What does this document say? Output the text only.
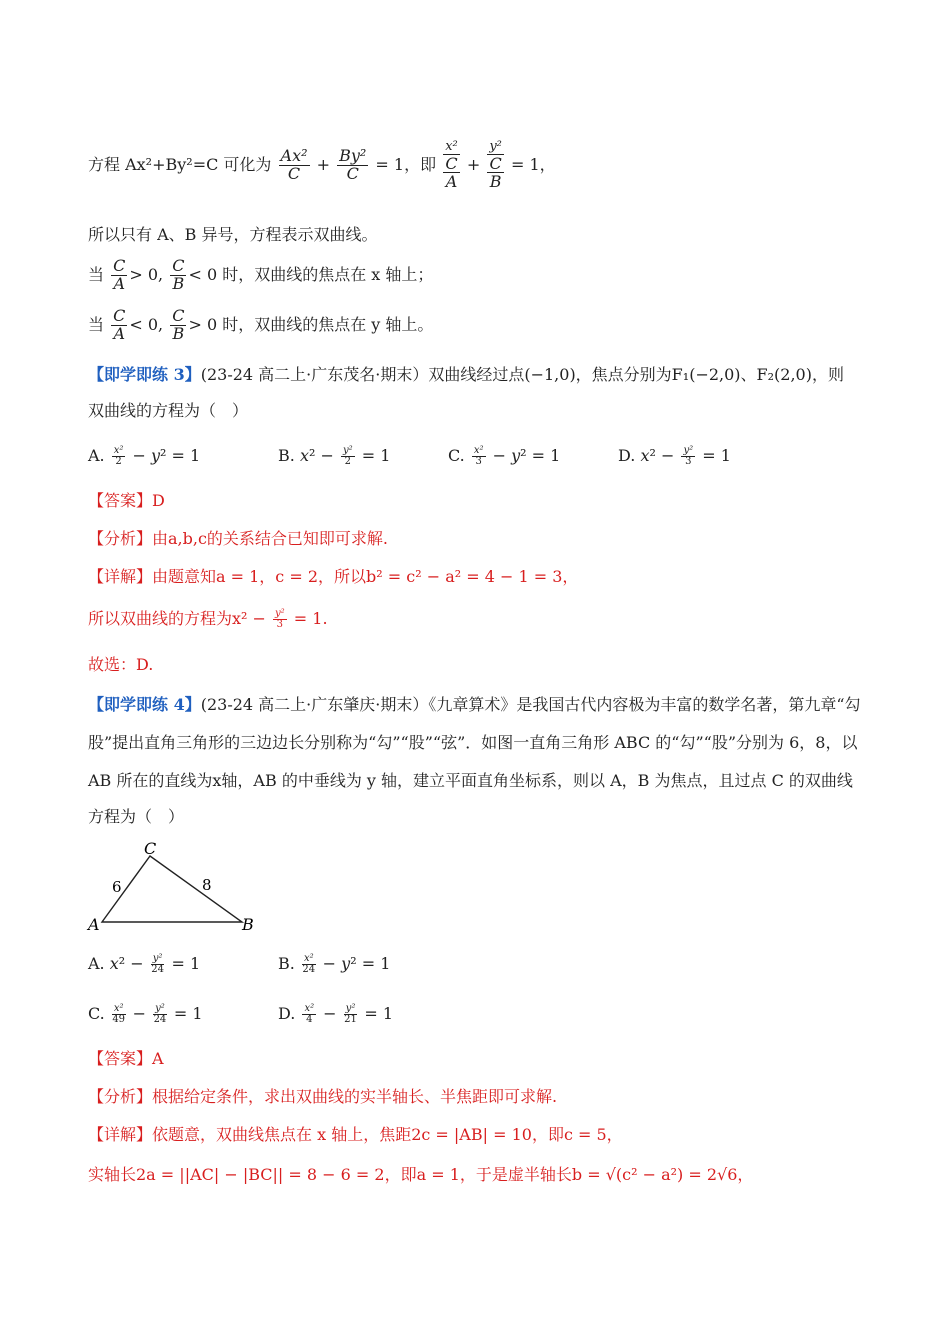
方程 Ax²+By²=C 可化为 $\frac{\text{Ax²}}{C} + \frac{\text{By²}}{C} = 1$，即 $\frac{\text{x²}}{\frac{C}{A}} + \frac{\text{y²}}{\frac{C}{B}} = 1$，
所以只有 A、B 异号，方程表示双曲线。
当 $\frac{C}{A} > 0$, $\frac{C}{B} < 0$ 时，双曲线的焦点在 x 轴上；
当 $\frac{C}{A} < 0$, $\frac{C}{B} > 0$ 时，双曲线的焦点在 y 轴上。
【即学即练 3】(23-24 高二上·广东茂名·期末）双曲线经过点(−1,0)，焦点分别为F₁(−2,0)、F₂(2,0)，则
双曲线的方程为（　）
A. $\frac{\text{x²}}{2} - y^2 = 1$	B. $x^2 - \frac{\text{y²}}{2} = 1$	C. $\frac{\text{x²}}{3} - y^2 = 1$	D. $x^2 - \frac{\text{y²}}{3} = 1$
【答案】D
【分析】由a,b,c的关系结合已知即可求解.
【详解】由题意知a = 1，c = 2，所以b² = c² − a² = 4 − 1 = 3，
所以双曲线的方程为$x^2 - \frac{\text{y²}}{3} = 1$.
故选：D.
【即学即练 4】(23-24 高二上·广东肇庆·期末）《九章算术》是我国古代内容极为丰富的数学名著，第九章“勾
股”提出直角三角形的三边边长分别称为“勾”“股”“弦”．如图一直角三角形 ABC 的“勾”“股”分别为 6，8，以
AB 所在的直线为x轴，AB 的中垂线为 y 轴，建立平面直角坐标系，则以 A，B 为焦点，且过点 C 的双曲线
方程为（　）
A	B
C
6	8
A. $x^2 - \frac{\text{y²}}{24} = 1$	B. $\frac{\text{x²}}{24} - y^2 = 1$
C. $\frac{\text{x²}}{49} - \frac{\text{y²}}{24} = 1$	D. $\frac{\text{x²}}{4} - \frac{\text{y²}}{21} = 1$
【答案】A
【分析】根据给定条件，求出双曲线的实半轴长、半焦距即可求解.
【详解】依题意，双曲线焦点在 x 轴上，焦距2c = |AB| = 10，即c = 5，
实轴长2a = ||AC| − |BC|| = 8 − 6 = 2，即a = 1，于是虚半轴长b = √(c² − a²) = 2√6，
